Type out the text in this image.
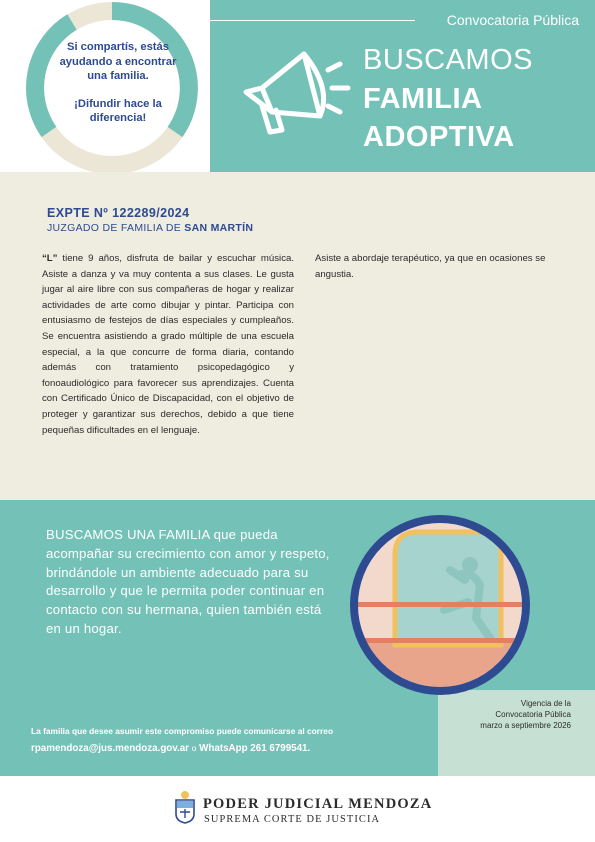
Si compartís, estás ayudando a encontrar una familia.

¡Difundir hace la diferencia!

Convocatoria Pública
BUSCAMOS
FAMILIA
ADOPTIVA
EXPTE Nº 122289/2024
JUZGADO DE FAMILIA DE SAN MARTÍN
“L” tiene 9 años, disfruta de bailar y escuchar música. Asiste a danza y va muy contenta a sus clases. Le gusta jugar al aire libre con sus compañeras de hogar y realizar actividades de arte como dibujar y pintar. Participa con entusiasmo de festejos de días especiales y cumpleaños. Se encuentra asistiendo a grado múltiple de una escuela especial, a la que concurre de forma diaria, contando además con tratamiento psicopedagógico y fonoaudiológico para favorecer sus aprendizajes. Cuenta con Certificado Único de Discapacidad, con el objetivo de proteger y garantizar sus derechos, debido a que tiene pequeñas dificultades en el lenguaje.
Asiste a abordaje terapéutico, ya que en ocasiones se angustia.
BUSCAMOS UNA FAMILIA que pueda acompañar su crecimiento con amor y respeto, brindándole un ambiente adecuado para su desarrollo y que le permita poder continuar en contacto con su hermana, quien también está en un hogar.
Vigencia de la
Convocatoria Pública
marzo a septiembre 2026
La familia que desee asumir este compromiso puede comunicarse al correo
rpamendoza@jus.mendoza.gov.ar o WhatsApp 261 6799541.
PODER JUDICIAL MENDOZA
SUPREMA CORTE DE JUSTICIA
